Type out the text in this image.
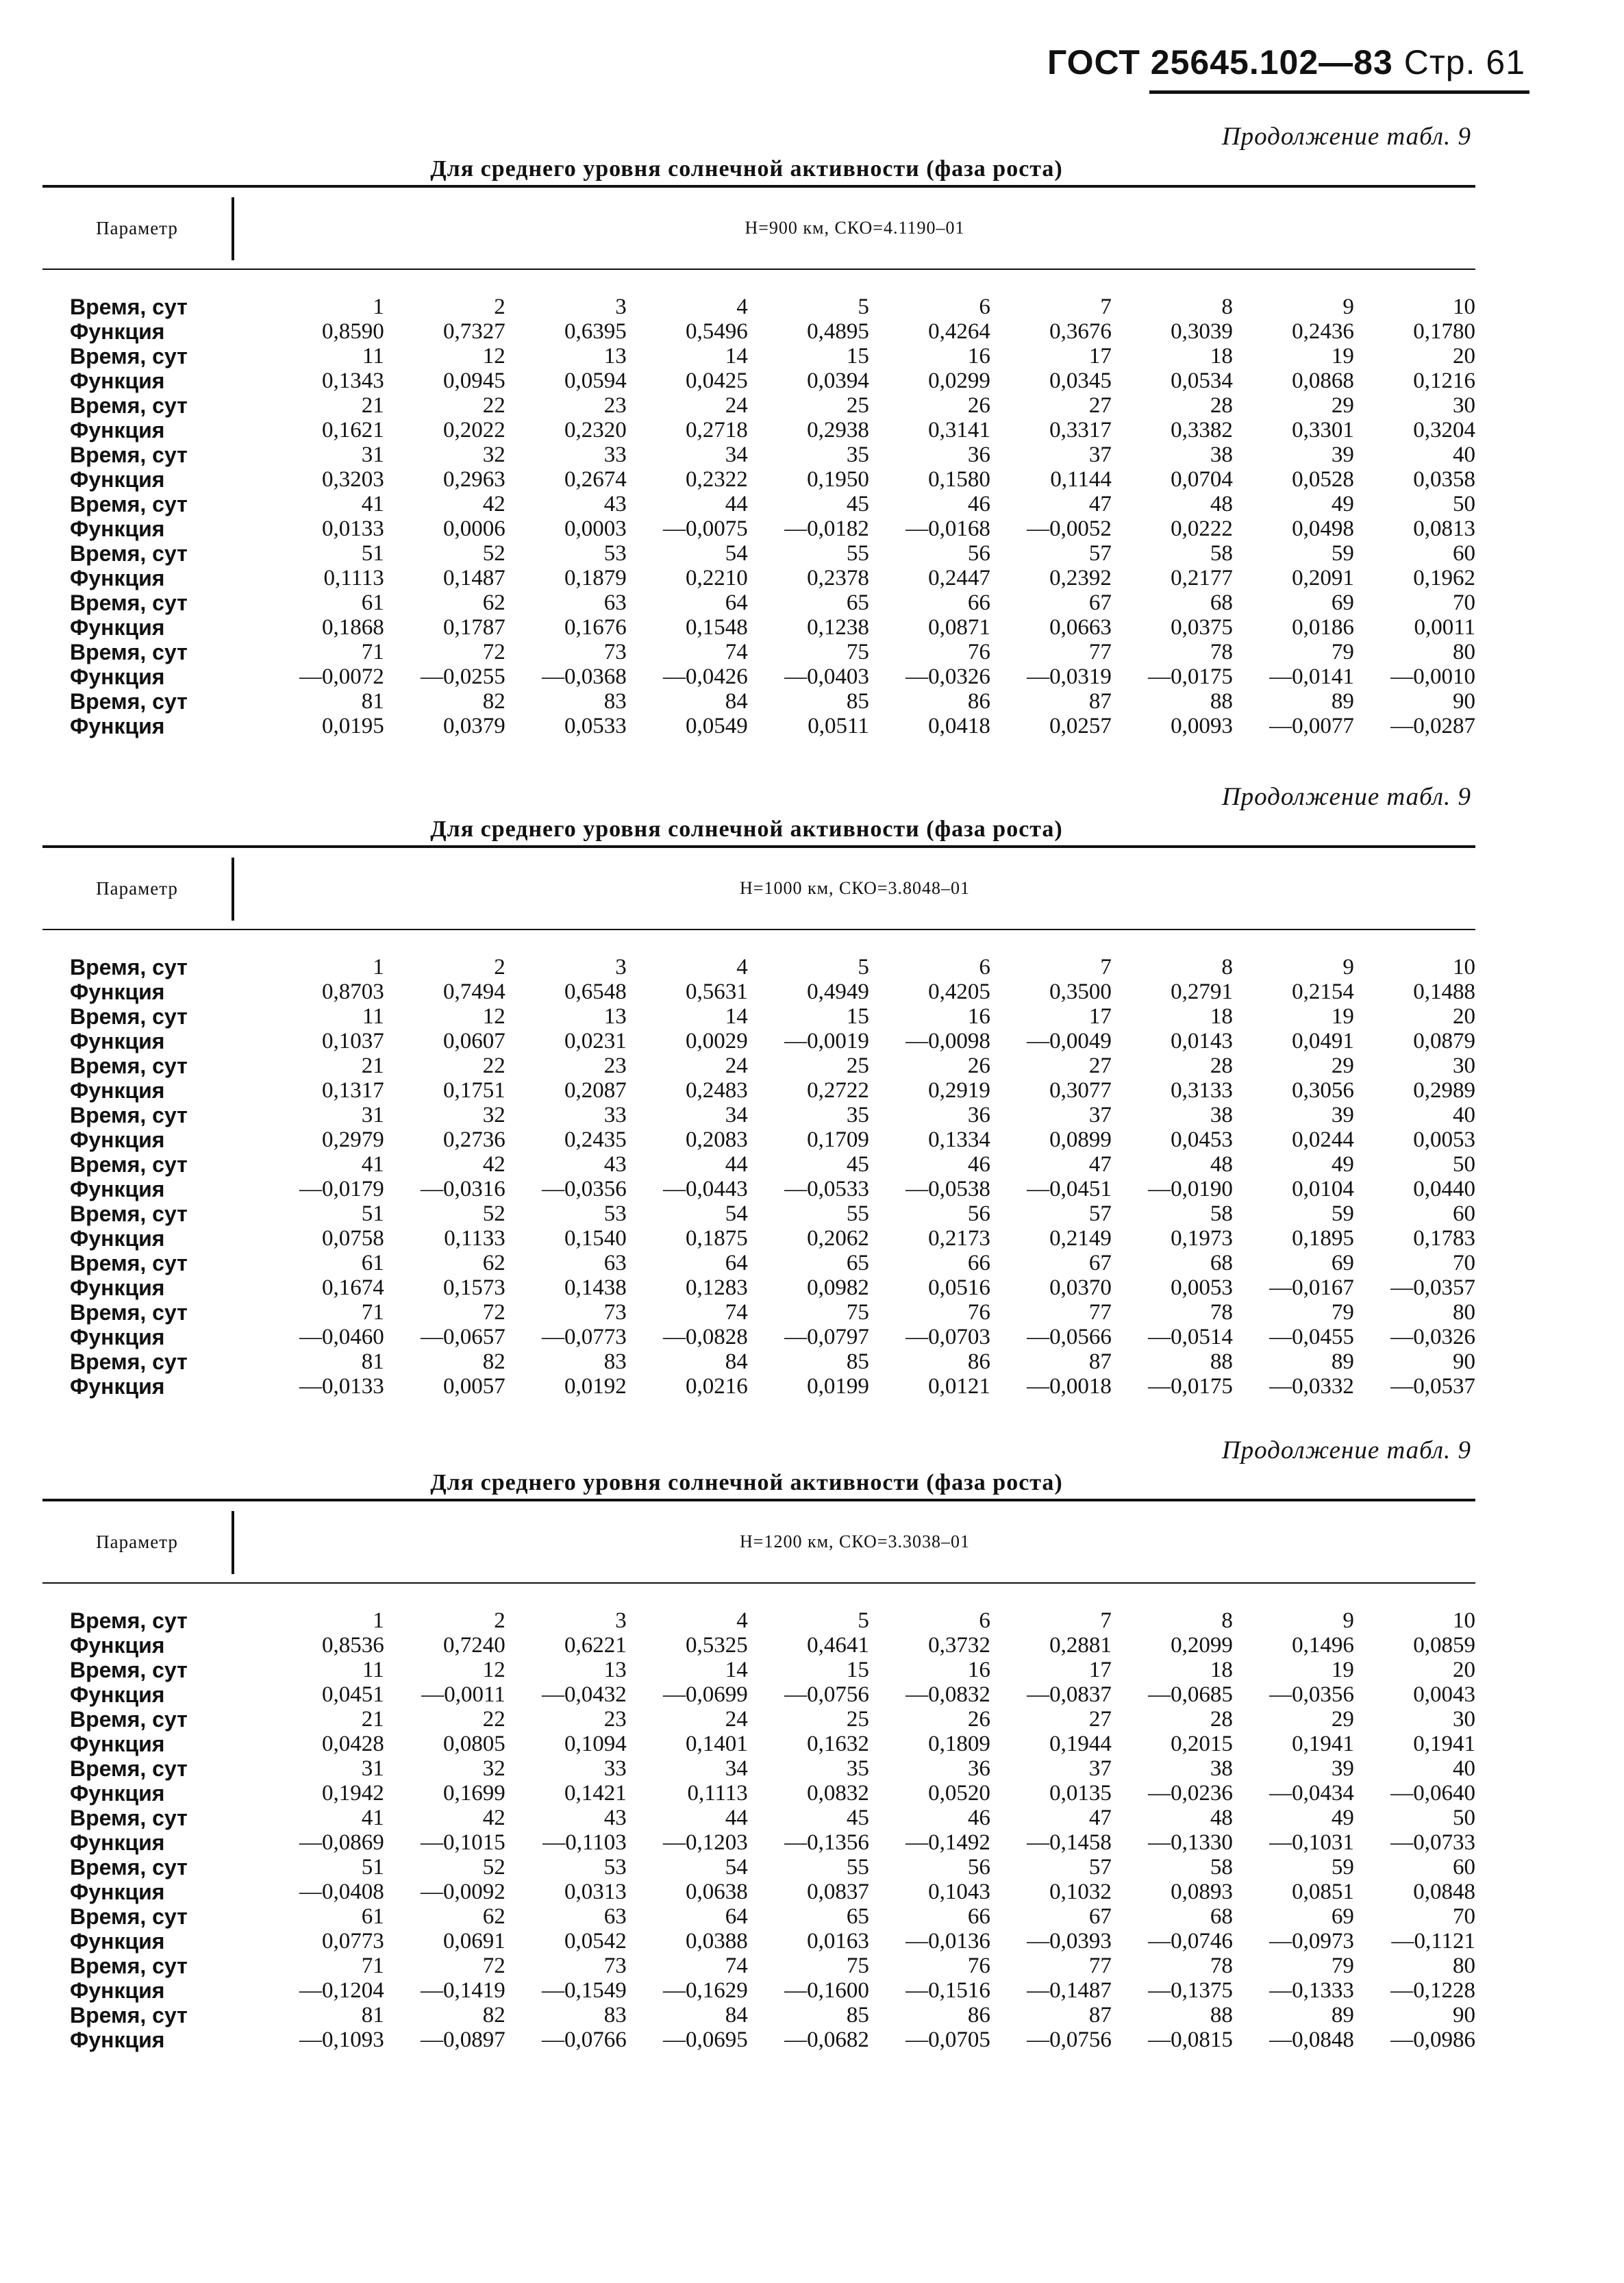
ГОСТ 25645.102—83 Стр. 61
Продолжение табл. 9
Для среднего уровня солнечной активности (фаза роста)
Параметр	H=900 км, СКО=4.1190–01
Время, сут	1	2	3	4	5	6	7	8	9	10
Функция	0,8590	0,7327	0,6395	0,5496	0,4895	0,4264	0,3676	0,3039	0,2436	0,1780
Время, сут	11	12	13	14	15	16	17	18	19	20
Функция	0,1343	0,0945	0,0594	0,0425	0,0394	0,0299	0,0345	0,0534	0,0868	0,1216
Время, сут	21	22	23	24	25	26	27	28	29	30
Функция	0,1621	0,2022	0,2320	0,2718	0,2938	0,3141	0,3317	0,3382	0,3301	0,3204
Время, сут	31	32	33	34	35	36	37	38	39	40
Функция	0,3203	0,2963	0,2674	0,2322	0,1950	0,1580	0,1144	0,0704	0,0528	0,0358
Время, сут	41	42	43	44	45	46	47	48	49	50
Функция	0,0133	0,0006	0,0003	—0,0075	—0,0182	—0,0168	—0,0052	0,0222	0,0498	0,0813
Время, сут	51	52	53	54	55	56	57	58	59	60
Функция	0,1113	0,1487	0,1879	0,2210	0,2378	0,2447	0,2392	0,2177	0,2091	0,1962
Время, сут	61	62	63	64	65	66	67	68	69	70
Функция	0,1868	0,1787	0,1676	0,1548	0,1238	0,0871	0,0663	0,0375	0,0186	0,0011
Время, сут	71	72	73	74	75	76	77	78	79	80
Функция	—0,0072	—0,0255	—0,0368	—0,0426	—0,0403	—0,0326	—0,0319	—0,0175	—0,0141	—0,0010
Время, сут	81	82	83	84	85	86	87	88	89	90
Функция	0,0195	0,0379	0,0533	0,0549	0,0511	0,0418	0,0257	0,0093	—0,0077	—0,0287
Продолжение табл. 9
Для среднего уровня солнечной активности (фаза роста)
Параметр	H=1000 км, СКО=3.8048–01
Время, сут	1	2	3	4	5	6	7	8	9	10
Функция	0,8703	0,7494	0,6548	0,5631	0,4949	0,4205	0,3500	0,2791	0,2154	0,1488
Время, сут	11	12	13	14	15	16	17	18	19	20
Функция	0,1037	0,0607	0,0231	0,0029	—0,0019	—0,0098	—0,0049	0,0143	0,0491	0,0879
Время, сут	21	22	23	24	25	26	27	28	29	30
Функция	0,1317	0,1751	0,2087	0,2483	0,2722	0,2919	0,3077	0,3133	0,3056	0,2989
Время, сут	31	32	33	34	35	36	37	38	39	40
Функция	0,2979	0,2736	0,2435	0,2083	0,1709	0,1334	0,0899	0,0453	0,0244	0,0053
Время, сут	41	42	43	44	45	46	47	48	49	50
Функция	—0,0179	—0,0316	—0,0356	—0,0443	—0,0533	—0,0538	—0,0451	—0,0190	0,0104	0,0440
Время, сут	51	52	53	54	55	56	57	58	59	60
Функция	0,0758	0,1133	0,1540	0,1875	0,2062	0,2173	0,2149	0,1973	0,1895	0,1783
Время, сут	61	62	63	64	65	66	67	68	69	70
Функция	0,1674	0,1573	0,1438	0,1283	0,0982	0,0516	0,0370	0,0053	—0,0167	—0,0357
Время, сут	71	72	73	74	75	76	77	78	79	80
Функция	—0,0460	—0,0657	—0,0773	—0,0828	—0,0797	—0,0703	—0,0566	—0,0514	—0,0455	—0,0326
Время, сут	81	82	83	84	85	86	87	88	89	90
Функция	—0,0133	0,0057	0,0192	0,0216	0,0199	0,0121	—0,0018	—0,0175	—0,0332	—0,0537
Продолжение табл. 9
Для среднего уровня солнечной активности (фаза роста)
Параметр	H=1200 км, СКО=3.3038–01
Время, сут	1	2	3	4	5	6	7	8	9	10
Функция	0,8536	0,7240	0,6221	0,5325	0,4641	0,3732	0,2881	0,2099	0,1496	0,0859
Время, сут	11	12	13	14	15	16	17	18	19	20
Функция	0,0451	—0,0011	—0,0432	—0,0699	—0,0756	—0,0832	—0,0837	—0,0685	—0,0356	0,0043
Время, сут	21	22	23	24	25	26	27	28	29	30
Функция	0,0428	0,0805	0,1094	0,1401	0,1632	0,1809	0,1944	0,2015	0,1941	0,1941
Время, сут	31	32	33	34	35	36	37	38	39	40
Функция	0,1942	0,1699	0,1421	0,1113	0,0832	0,0520	0,0135	—0,0236	—0,0434	—0,0640
Время, сут	41	42	43	44	45	46	47	48	49	50
Функция	—0,0869	—0,1015	—0,1103	—0,1203	—0,1356	—0,1492	—0,1458	—0,1330	—0,1031	—0,0733
Время, сут	51	52	53	54	55	56	57	58	59	60
Функция	—0,0408	—0,0092	0,0313	0,0638	0,0837	0,1043	0,1032	0,0893	0,0851	0,0848
Время, сут	61	62	63	64	65	66	67	68	69	70
Функция	0,0773	0,0691	0,0542	0,0388	0,0163	—0,0136	—0,0393	—0,0746	—0,0973	—0,1121
Время, сут	71	72	73	74	75	76	77	78	79	80
Функция	—0,1204	—0,1419	—0,1549	—0,1629	—0,1600	—0,1516	—0,1487	—0,1375	—0,1333	—0,1228
Время, сут	81	82	83	84	85	86	87	88	89	90
Функция	—0,1093	—0,0897	—0,0766	—0,0695	—0,0682	—0,0705	—0,0756	—0,0815	—0,0848	—0,0986
